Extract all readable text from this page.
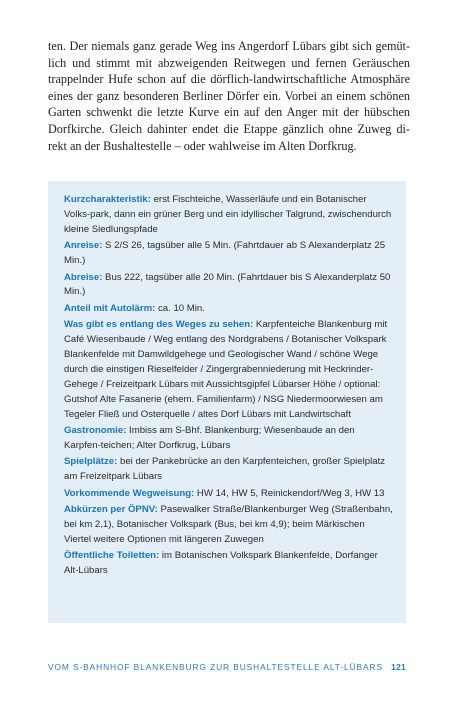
ten. Der niemals ganz gerade Weg ins Angerdorf Lübars gibt sich gemüt-
lich und stimmt mit abzweigenden Reitwegen und fernen Geräuschen
trappelnder Hufe schon auf die dörflich-landwirtschaftliche Atmosphäre
eines der ganz besonderen Berliner Dörfer ein. Vorbei an einem schönen
Garten schwenkt die letzte Kurve ein auf den Anger mit der hübschen
Dorfkirche. Gleich dahinter endet die Etappe gänzlich ohne Zuweg di-
rekt an der Bushaltestelle – oder wahlweise im Alten Dorfkrug.

Kurzcharakteristik: erst Fischteiche, Wasserläufe und ein Botanischer Volks-park, dann ein grüner Berg und ein idyllischer Talgrund, zwischendurch kleine Siedlungspfade

Anreise: S 2/S 26, tagsüber alle 5 Min. (Fahrtdauer ab S Alexanderplatz 25 Min.)

Abreise: Bus 222, tagsüber alle 20 Min. (Fahrtdauer bis S Alexanderplatz 50 Min.)

Anteil mit Autolärm: ca. 10 Min.

Was gibt es entlang des Weges zu sehen: Karpfenteiche Blankenburg mit Café Wiesenbaude / Weg entlang des Nordgrabens / Botanischer Volkspark Blankenfelde mit Damwildgehege und Geologischer Wand / schöne Wege durch die einstigen Rieselfelder / Zingergrabenniederung mit Heckrinder-Gehege / Freizeitpark Lübars mit Aussichtsgipfel Lübarser Höhe / optional: Gutshof Alte Fasanerie (ehem. Familienfarm) / NSG Niedermoorwiesen am Tegeler Fließ und Osterquelle / altes Dorf Lübars mit Landwirtschaft

Gastronomie: Imbiss am S-Bhf. Blankenburg; Wiesenbaude an den Karpfen-teichen; Alter Dorfkrug, Lübars

Spielplätze: bei der Pankebrücke an den Karpfenteichen, großer Spielplatz am Freizeitpark Lübars

Vorkommende Wegweisung: HW 14, HW 5, Reinickendorf/Weg 3, HW 13

Abkürzen per ÖPNV: Pasewalker Straße/Blankenburger Weg (Straßenbahn, bei km 2,1), Botanischer Volkspark (Bus, bei km 4,9); beim Märkischen Viertel weitere Optionen mit längeren Zuwegen

Öffentliche Toiletten: im Botanischen Volkspark Blankenfelde, Dorfanger Alt-Lübars

VOM S-BAHNHOF BLANKENBURG ZUR BUSHALTESTELLE ALT-LÜBARS 121
